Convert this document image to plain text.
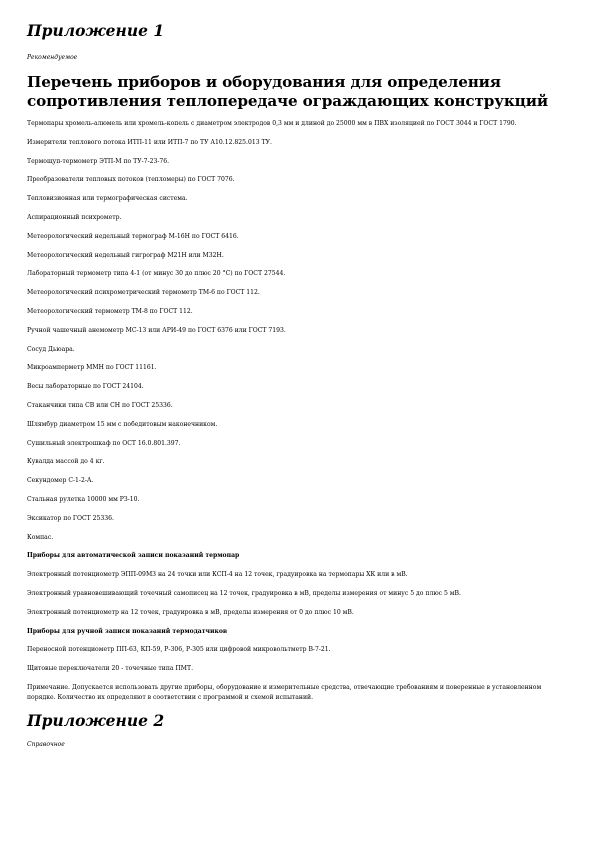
Приложение 1
Рекомендуемое
Перечень приборов и оборудования для определения
сопротивления теплопередаче ограждающих конструкций

Термопары хромель-алюмель или хромель-копель с диаметром электродов 0,3 мм и длиной до 25000 мм в ПВХ изоляцией по ГОСТ 3044 и ГОСТ 1790.

Измерители теплового потока ИТП-11 или ИТП-7 по ТУ А10.12.825.013 ТУ.

Термощуп-термометр ЭТП-М по ТУ-7-23-76.

Преобразователи тепловых потоков (тепломеры) по ГОСТ 7076.

Тепловизионная или термографическая система.

Аспирационный психрометр.

Метеорологический недельный термограф М-16Н по ГОСТ 6416.

Метеорологический недельный гигрограф М21Н или М32Н.

Лабораторный термометр типа 4-1 (от минус 30 до плюс 20 °С) по ГОСТ 27544.

Метеорологический психрометрический термометр ТМ-6 по ГОСТ 112.

Метеорологический термометр ТМ-8 по ГОСТ 112.

Ручной чашечный анемометр МС-13 или АРИ-49 по ГОСТ 6376 или ГОСТ 7193.

Сосуд Дьюара.

Микроамперметр ММН по ГОСТ 11161.

Весы лабораторные по ГОСТ 24104.

Стаканчики типа СВ или СН по ГОСТ 25336.

Шлямбур диаметром 15 мм с победитовым наконечником.

Сушильный электрошкаф по ОСТ 16.0.801.397.

Кувалда массой до 4 кг.

Секундомер С-1-2-А.

Стальная рулетка 10000 мм РЗ-10.

Эксикатор по ГОСТ 25336.

Компас.

Приборы для автоматической записи показаний термопар

Электронный потенциометр ЭПП-09М3 на 24 точки или КСП-4 на 12 точек, градуировка на термопары ХК или в мВ.

Электронный уравновешивающий точечный самописец на 12 точек, градуировка в мВ, пределы измерения от минус 5 до плюс 5 мВ.

Электронный потенциометр на 12 точек, градуировка в мВ, пределы измерения от 0 до плюс 10 мВ.

Приборы для ручной записи показаний термодатчиков

Переносной потенциометр ПП-63, КП-59, Р-306, Р-305 или цифровой микровольтметр В-7-21.

Щитовые переключатели 20 - точечные типа ПМТ.

Примечание. Допускается использовать другие приборы, оборудование и измерительные средства, отвечающие требованиям и поверенные в установленном порядке. Количество их определяют в соответствии с программой и схемой испытаний.

Приложение 2
Справочное
